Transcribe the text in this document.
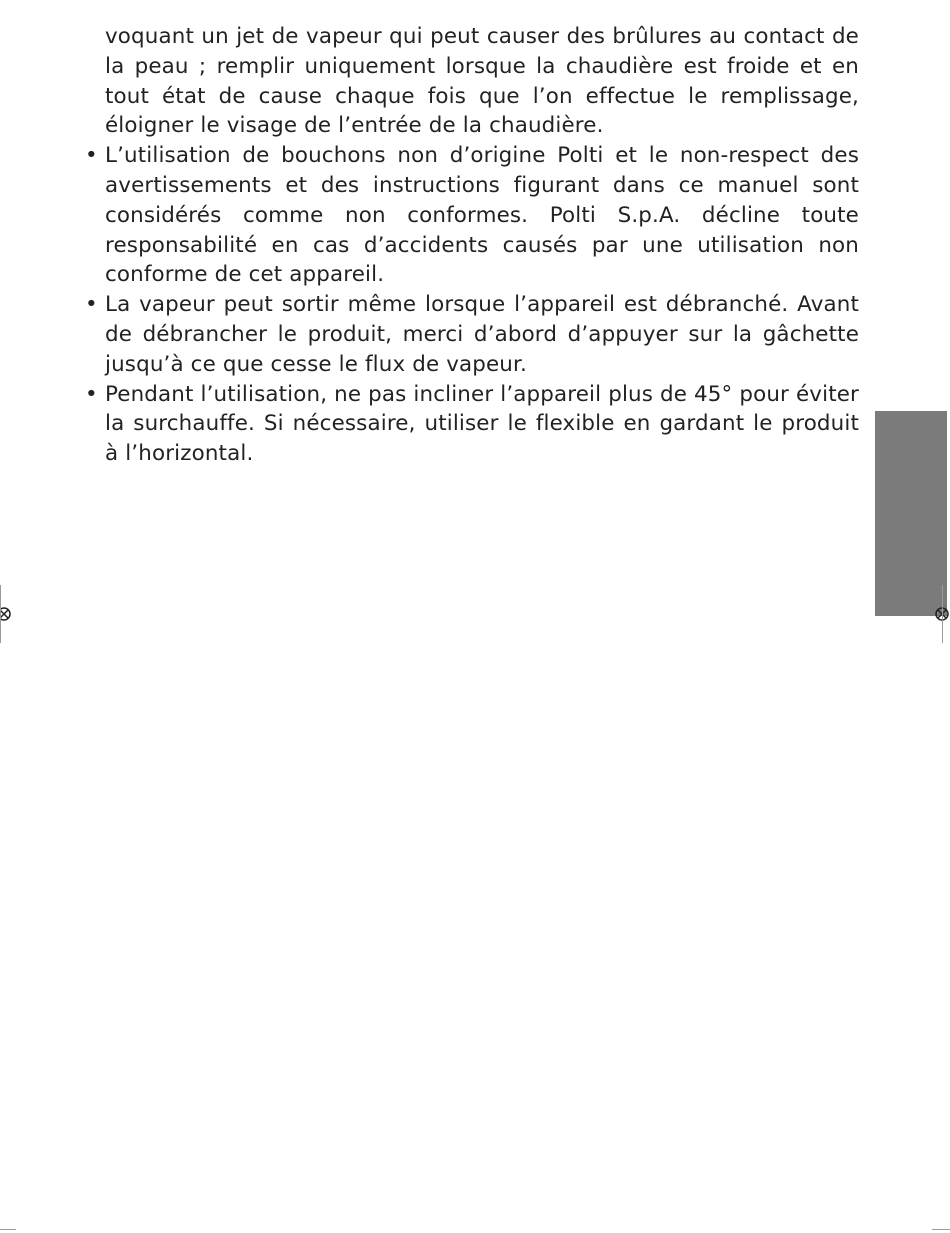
voquant un jet de vapeur qui peut causer des brûlures au contact de la peau ; remplir uniquement lorsque la chaudière est froide et en tout état de cause chaque fois que l’on effectue le remplissage, éloigner le visage de l’entrée de la chaudière.

• L’utilisation de bouchons non d’origine Polti et le non-respect des avertissements et des instructions figurant dans ce manuel sont considérés comme non conformes. Polti S.p.A. décline toute responsabilité en cas d’accidents causés par une utilisation non conforme de cet appareil.

• La vapeur peut sortir même lorsque l’appareil est débranché. Avant de débrancher le produit, merci d’abord d’appuyer sur la gâchette jusqu’à ce que cesse le flux de vapeur.

• Pendant l’utilisation, ne pas incliner l’appareil plus de 45° pour éviter la surchauffe. Si nécessaire, utiliser le flexible en gardant le produit à l’horizontal.
